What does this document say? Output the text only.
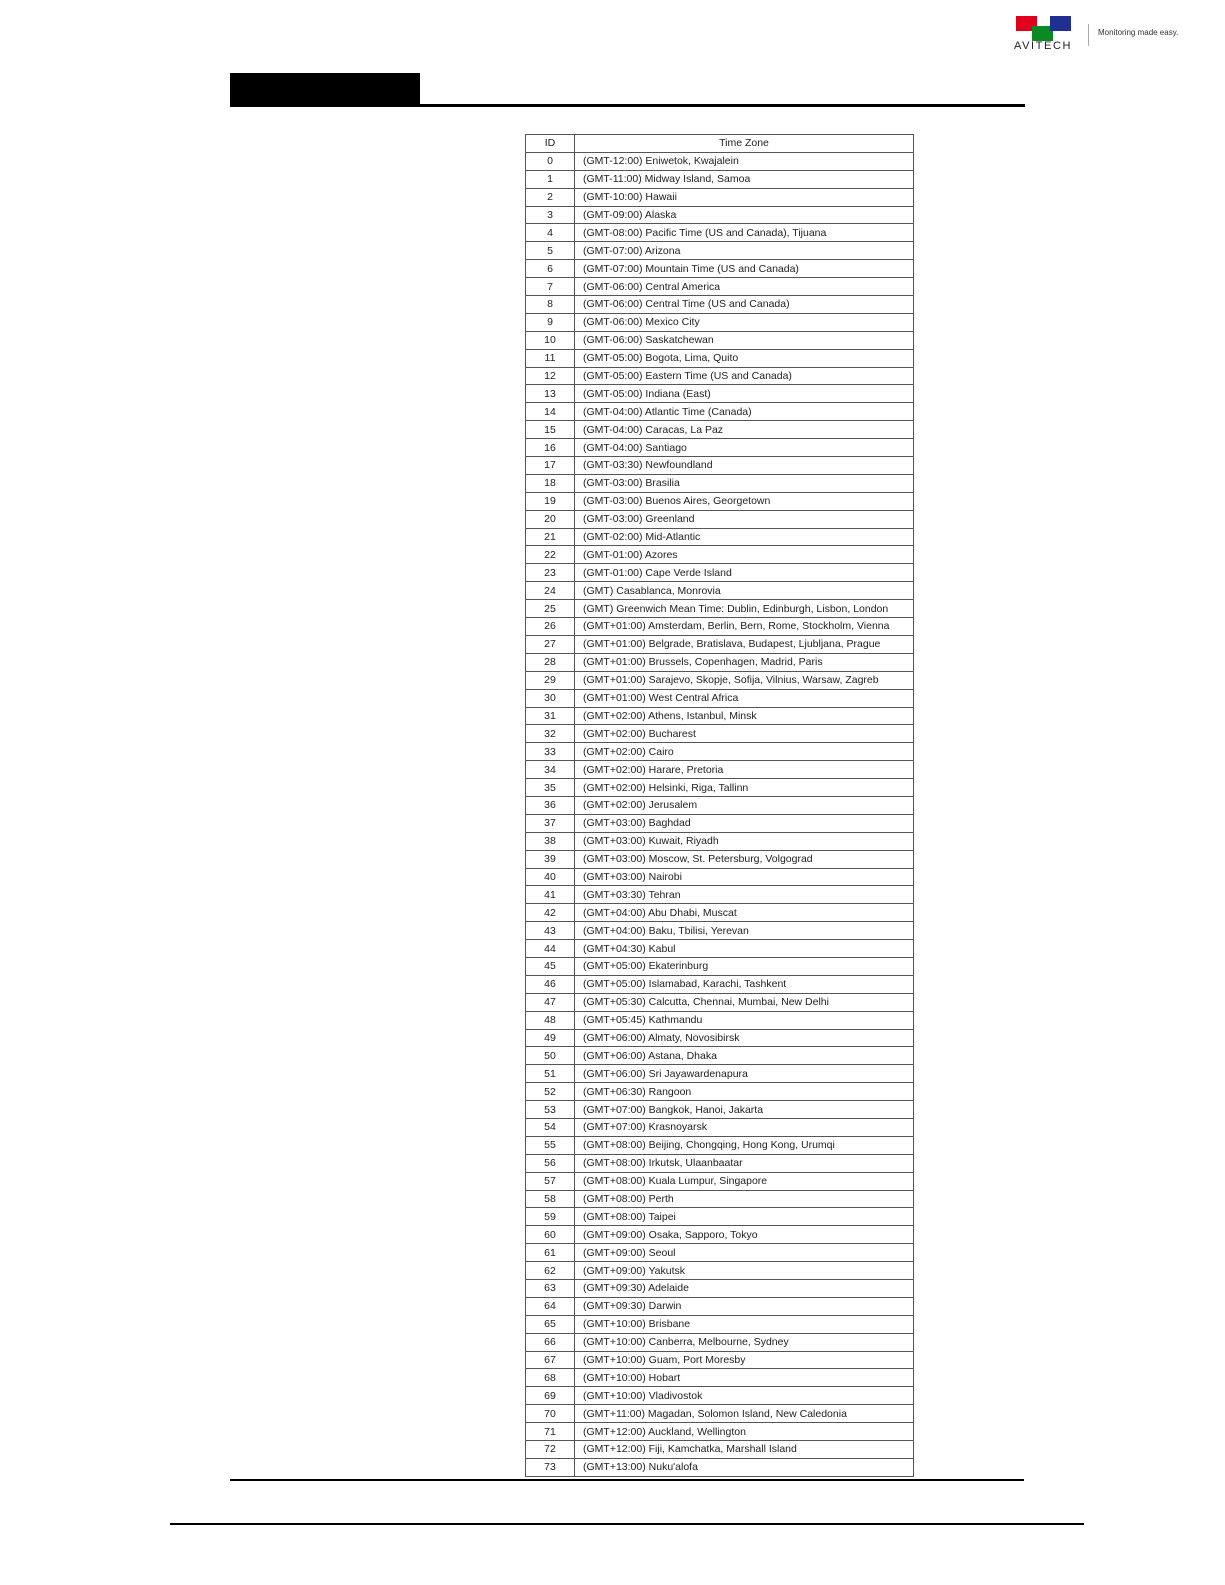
AVITECH
Monitoring made easy.
ID	Time Zone
0	(GMT-12:00) Eniwetok, Kwajalein
1	(GMT-11:00) Midway Island, Samoa
2	(GMT-10:00) Hawaii
3	(GMT-09:00) Alaska
4	(GMT-08:00) Pacific Time (US and Canada), Tijuana
5	(GMT-07:00) Arizona
6	(GMT-07:00) Mountain Time (US and Canada)
7	(GMT-06:00) Central America
8	(GMT-06:00) Central Time (US and Canada)
9	(GMT-06:00) Mexico City
10	(GMT-06:00) Saskatchewan
11	(GMT-05:00) Bogota, Lima, Quito
12	(GMT-05:00) Eastern Time (US and Canada)
13	(GMT-05:00) Indiana (East)
14	(GMT-04:00) Atlantic Time (Canada)
15	(GMT-04:00) Caracas, La Paz
16	(GMT-04:00) Santiago
17	(GMT-03:30) Newfoundland
18	(GMT-03:00) Brasilia
19	(GMT-03:00) Buenos Aires, Georgetown
20	(GMT-03:00) Greenland
21	(GMT-02:00) Mid-Atlantic
22	(GMT-01:00) Azores
23	(GMT-01:00) Cape Verde Island
24	(GMT) Casablanca, Monrovia
25	(GMT) Greenwich Mean Time: Dublin, Edinburgh, Lisbon, London
26	(GMT+01:00) Amsterdam, Berlin, Bern, Rome, Stockholm, Vienna
27	(GMT+01:00) Belgrade, Bratislava, Budapest, Ljubljana, Prague
28	(GMT+01:00) Brussels, Copenhagen, Madrid, Paris
29	(GMT+01:00) Sarajevo, Skopje, Sofija, Vilnius, Warsaw, Zagreb
30	(GMT+01:00) West Central Africa
31	(GMT+02:00) Athens, Istanbul, Minsk
32	(GMT+02:00) Bucharest
33	(GMT+02:00) Cairo
34	(GMT+02:00) Harare, Pretoria
35	(GMT+02:00) Helsinki, Riga, Tallinn
36	(GMT+02:00) Jerusalem
37	(GMT+03:00) Baghdad
38	(GMT+03:00) Kuwait, Riyadh
39	(GMT+03:00) Moscow, St. Petersburg, Volgograd
40	(GMT+03:00) Nairobi
41	(GMT+03:30) Tehran
42	(GMT+04:00) Abu Dhabi, Muscat
43	(GMT+04:00) Baku, Tbilisi, Yerevan
44	(GMT+04:30) Kabul
45	(GMT+05:00) Ekaterinburg
46	(GMT+05:00) Islamabad, Karachi, Tashkent
47	(GMT+05:30) Calcutta, Chennai, Mumbai, New Delhi
48	(GMT+05:45) Kathmandu
49	(GMT+06:00) Almaty, Novosibirsk
50	(GMT+06:00) Astana, Dhaka
51	(GMT+06:00) Sri Jayawardenapura
52	(GMT+06:30) Rangoon
53	(GMT+07:00) Bangkok, Hanoi, Jakarta
54	(GMT+07:00) Krasnoyarsk
55	(GMT+08:00) Beijing, Chongqing, Hong Kong, Urumqi
56	(GMT+08:00) Irkutsk, Ulaanbaatar
57	(GMT+08:00) Kuala Lumpur, Singapore
58	(GMT+08:00) Perth
59	(GMT+08:00) Taipei
60	(GMT+09:00) Osaka, Sapporo, Tokyo
61	(GMT+09:00) Seoul
62	(GMT+09:00) Yakutsk
63	(GMT+09:30) Adelaide
64	(GMT+09:30) Darwin
65	(GMT+10:00) Brisbane
66	(GMT+10:00) Canberra, Melbourne, Sydney
67	(GMT+10:00) Guam, Port Moresby
68	(GMT+10:00) Hobart
69	(GMT+10:00) Vladivostok
70	(GMT+11:00) Magadan, Solomon Island, New Caledonia
71	(GMT+12:00) Auckland, Wellington
72	(GMT+12:00) Fiji, Kamchatka, Marshall Island
73	(GMT+13:00) Nuku'alofa
